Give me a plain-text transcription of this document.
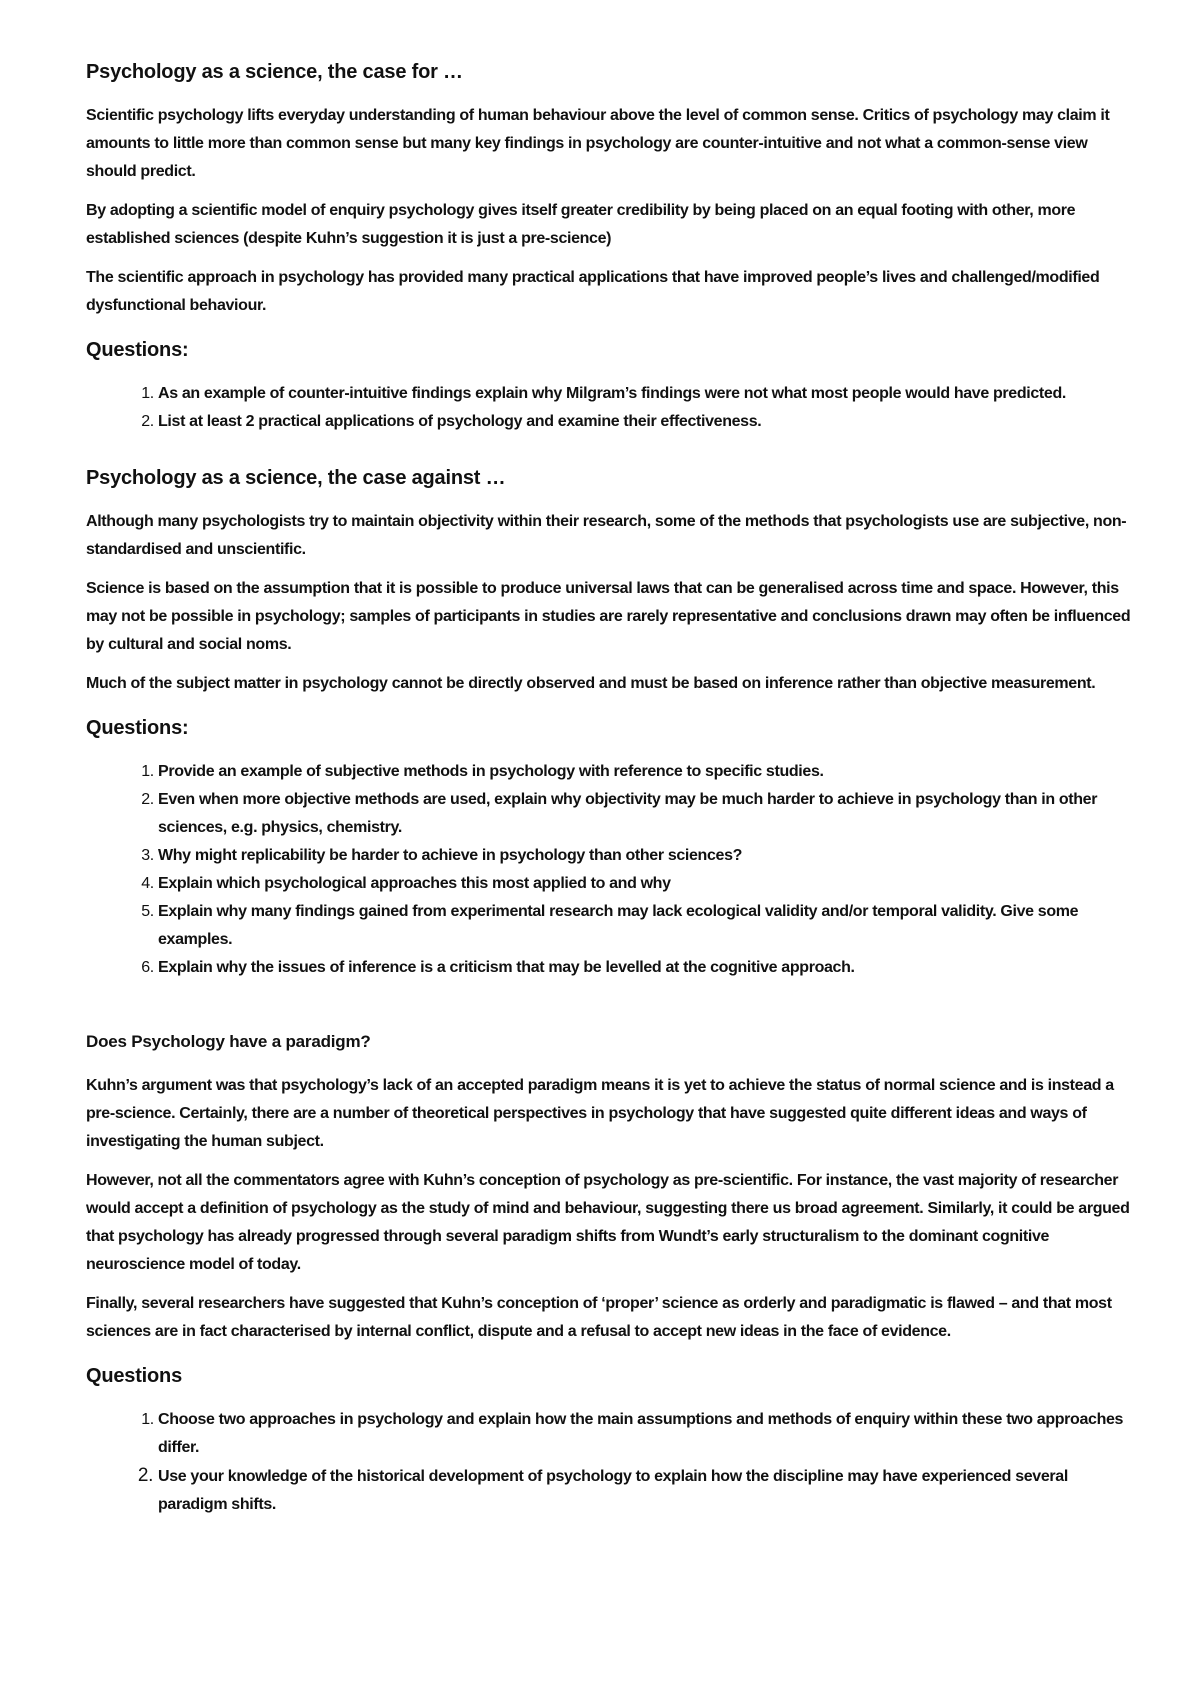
Psychology as a science, the case for …

Scientific psychology lifts everyday understanding of human behaviour above the level of common sense. Critics of psychology may claim it amounts to little more than common sense but many key findings in psychology are counter-intuitive and not what a common-sense view should predict.

By adopting a scientific model of enquiry psychology gives itself greater credibility by being placed on an equal footing with other, more established sciences (despite Kuhn’s suggestion it is just a pre-science)

The scientific approach in psychology has provided many practical applications that have improved people’s lives and challenged/modified dysfunctional behaviour.

Questions:
1. As an example of counter-intuitive findings explain why Milgram’s findings were not what most people would have predicted.
2. List at least 2 practical applications of psychology and examine their effectiveness.
Psychology as a science, the case against …

Although many psychologists try to maintain objectivity within their research, some of the methods that psychologists use are subjective, non-standardised and unscientific.

Science is based on the assumption that it is possible to produce universal laws that can be generalised across time and space. However, this may not be possible in psychology; samples of participants in studies are rarely representative and conclusions drawn may often be influenced by cultural and social noms.

Much of the subject matter in psychology cannot be directly observed and must be based on inference rather than objective measurement.

Questions:
1. Provide an example of subjective methods in psychology with reference to specific studies.
2. Even when more objective methods are used, explain why objectivity may be much harder to achieve in psychology than in other sciences, e.g. physics, chemistry.
3. Why might replicability be harder to achieve in psychology than other sciences?
4. Explain which psychological approaches this most applied to and why
5. Explain why many findings gained from experimental research may lack ecological validity and/or temporal validity. Give some examples.
6. Explain why the issues of inference is a criticism that may be levelled at the cognitive approach.
Does Psychology have a paradigm?

Kuhn’s argument was that psychology’s lack of an accepted paradigm means it is yet to achieve the status of normal science and is instead a pre-science. Certainly, there are a number of theoretical perspectives in psychology that have suggested quite different ideas and ways of investigating the human subject.

However, not all the commentators agree with Kuhn’s conception of psychology as pre-scientific. For instance, the vast majority of researcher would accept a definition of psychology as the study of mind and behaviour, suggesting there us broad agreement. Similarly, it could be argued that psychology has already progressed through several paradigm shifts from Wundt’s early structuralism to the dominant cognitive neuroscience model of today.

Finally, several researchers have suggested that Kuhn’s conception of ‘proper’ science as orderly and paradigmatic is flawed – and that most sciences are in fact characterised by internal conflict, dispute and a refusal to accept new ideas in the face of evidence.

Questions
1. Choose two approaches in psychology and explain how the main assumptions and methods of enquiry within these two approaches differ.
2. Use your knowledge of the historical development of psychology to explain how the discipline may have experienced several paradigm shifts.
